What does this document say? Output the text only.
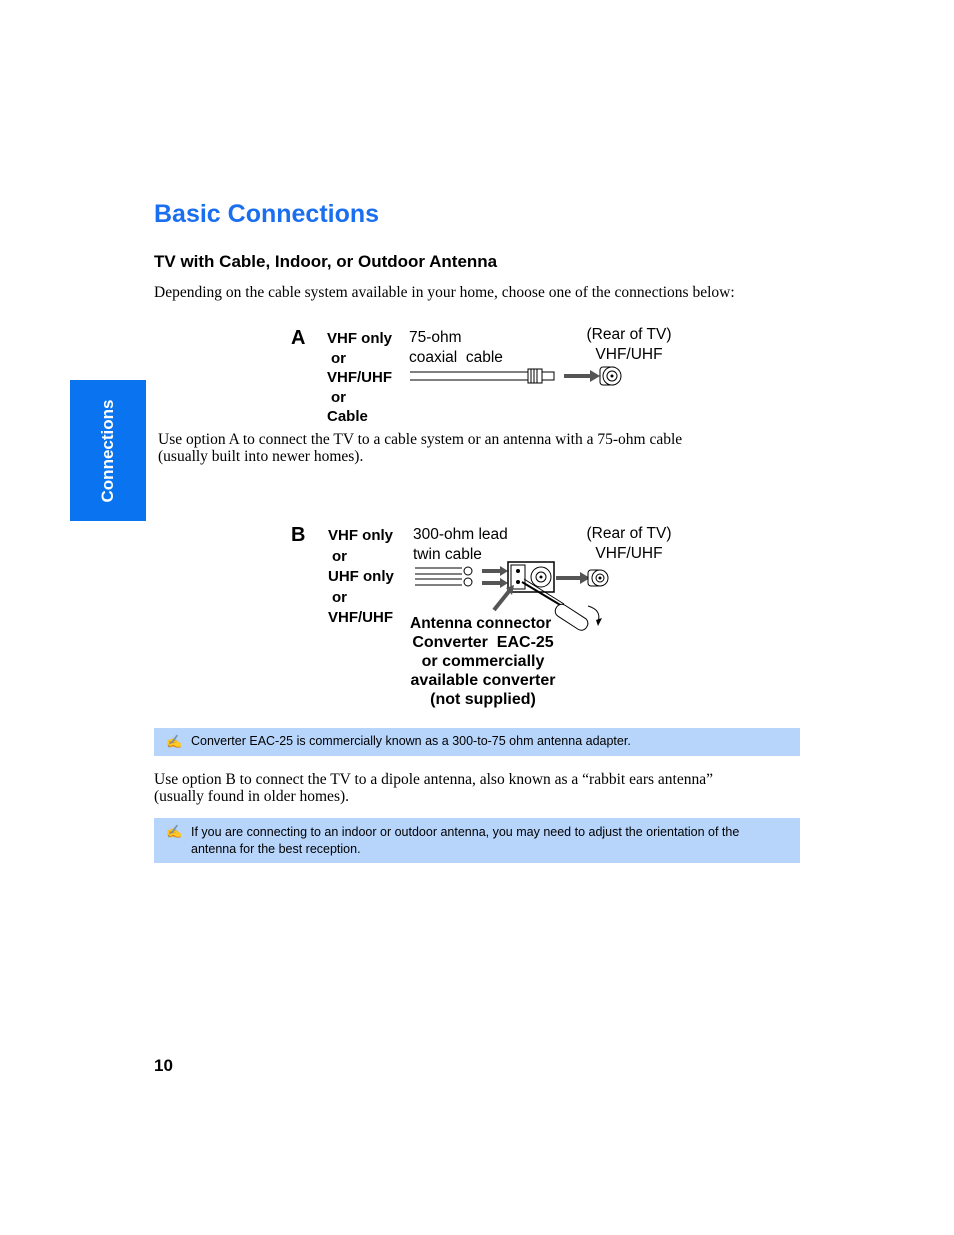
Basic Connections
TV with Cable, Indoor, or Outdoor Antenna
Depending on the cable system available in your home, choose one of the connections below:
Connections
A VHF only
or
VHF/UHF
or
Cable
75-ohm
coaxial  cable
(Rear of TV)
VHF/UHF
Use option A to connect the TV to a cable system or an antenna with a 75-ohm cable
(usually built into newer homes).
B VHF only
or
UHF only
or
VHF/UHF
300-ohm lead
twin cable
(Rear of TV)
VHF/UHF
Antenna connector
Converter  EAC-25
or commercially
available converter
(not supplied)
✍ Converter EAC-25 is commercially known as a 300-to-75 ohm antenna adapter.
Use option B to connect the TV to a dipole antenna, also known as a “rabbit ears antenna”
(usually found in older homes).
✍ If you are connecting to an indoor or outdoor antenna, you may need to adjust the orientation of the
antenna for the best reception.
10
